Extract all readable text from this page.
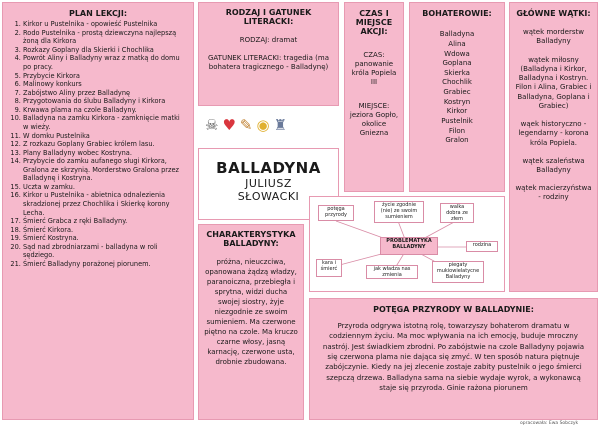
PLAN LEKCJI:
1. Kirkor u Pustelnika - opowieść Pustelnika
2. Rodo Pustelnika - prostą dziewczyna najlepszą żoną dla Kirkora
3. Rozkazy Goplany dla Skierki i Chochlika
4. Powrót Aliny i Balladyny wraz z matką do domu po pracy.
5. Przybycie Kirkora
6. Malinowy konkurs
7. Zabójstwo Aliny przez Balladynę
8. Przygotowania do ślubu Balladyny i Kirkora
9. Krwawa plama na czole Balladyny.
10. Balladyna na zamku Kirkora - zamknięcie matki w wieży.
11. W domku Pustelnika
12. Z rozkazu Goplany Grabiec królem lasu.
13. Plany Balladyny wobec Kostryna.
14. Przybycie do zamku aufanego sługi Kirkora, Gralona ze skrzynią. Morderstwo Gralona przez Balladynę i Kostryna.
15. Ucztа w zamku.
16. Kirkor u Pustelnika - abietnica odnalezienia skradzionej przez Chochlika i Skierkę korony Lecha.
17. Śmierć Grabca z ręki Balladyny.
18. Śmierć Kirkora.
19. Śmierć Kostryna.
20. Sąd nad zbrodniarzami - balladyna w roli sędziego.
21. Śmierć Balladyny porażonej piorunem.
RODZAJ I GATUNEK LITERACKI:
RODZAJ: dramat
GATUNEK LITERACKI: tragedia (ma bohatera tragicznego - Balladynę)
CZAS I MIEJSCE AKCJI:
CZAS: panowanie króla Popiela III
MIEJSCE: jeziora Gopło, okolice Gniezna
BOHATEROWIE:
Balladyna
Alina
Wdowa
Goplana
Skierka
Chochlik
Grabiec
Kostryn
Kirkor
Pustelnik
Filon
Gralon
GŁÓWNE WĄTKI:
wątek morderstw Balladyny
wątek miłosny (Balladyna i Kirkor, Balladyna i Kostryn. Filon i Alina, Grabiec i Balladyna, Goplana i Grabiec)
wąek historyczno - legendarny - korona króla Popiela.
wątek szaleństwa Balladyny
wątek macierzyństwa - rodziny
☠ ♥ ✎ ◉ ♜
BALLADYNA
JULIUSZ
SŁOWACKI
CHARAKTERYSTYKA BALLADYNY:
próżna, nieuczciwa, opanowana żądzą władzy, paranoiczna, przebiegła i sprytna, widzi ducha swojej siostry, żyje niezgodnie ze swoim sumieniem. Ma czerwone piętno na czole. Ma kruczo czarne włosy, jasną karnację, czerwone usta, drobnie zbudowana.
potęga przyrody
życie zgodnie (nie) ze swoim sumieniem
walka dobra ze złem
PROBLEMATYKA BALLADYNY	rodzina
kara i śmierć	jak władza nas zmienia
piegaty mukiowielatycne Balladyny
POTĘGA PRZYRODY W BALLADYNIE:
Przyroda odgrywa istotną rolę, towarzyszy bohaterom dramatu w codziennym życiu. Ma moc wpływania na ich emocję, buduje mroczny nastrój. Jest świadkiem zbrodni. Po zabójstwie na czole Balladyny pojawia się czerwona plama nie dająca się zmyć. W ten sposób natura piętnuje zabójczynie. Kiedy na jej zlecenie zostaje zabity pustelnik o jego śmierci szepczą drzewa. Balladyna sama na siebie wydaje wyrok, a wykonawcą staje się przyroda. Ginie rażona piorunem
opracowała: Ewa Sobczyk
